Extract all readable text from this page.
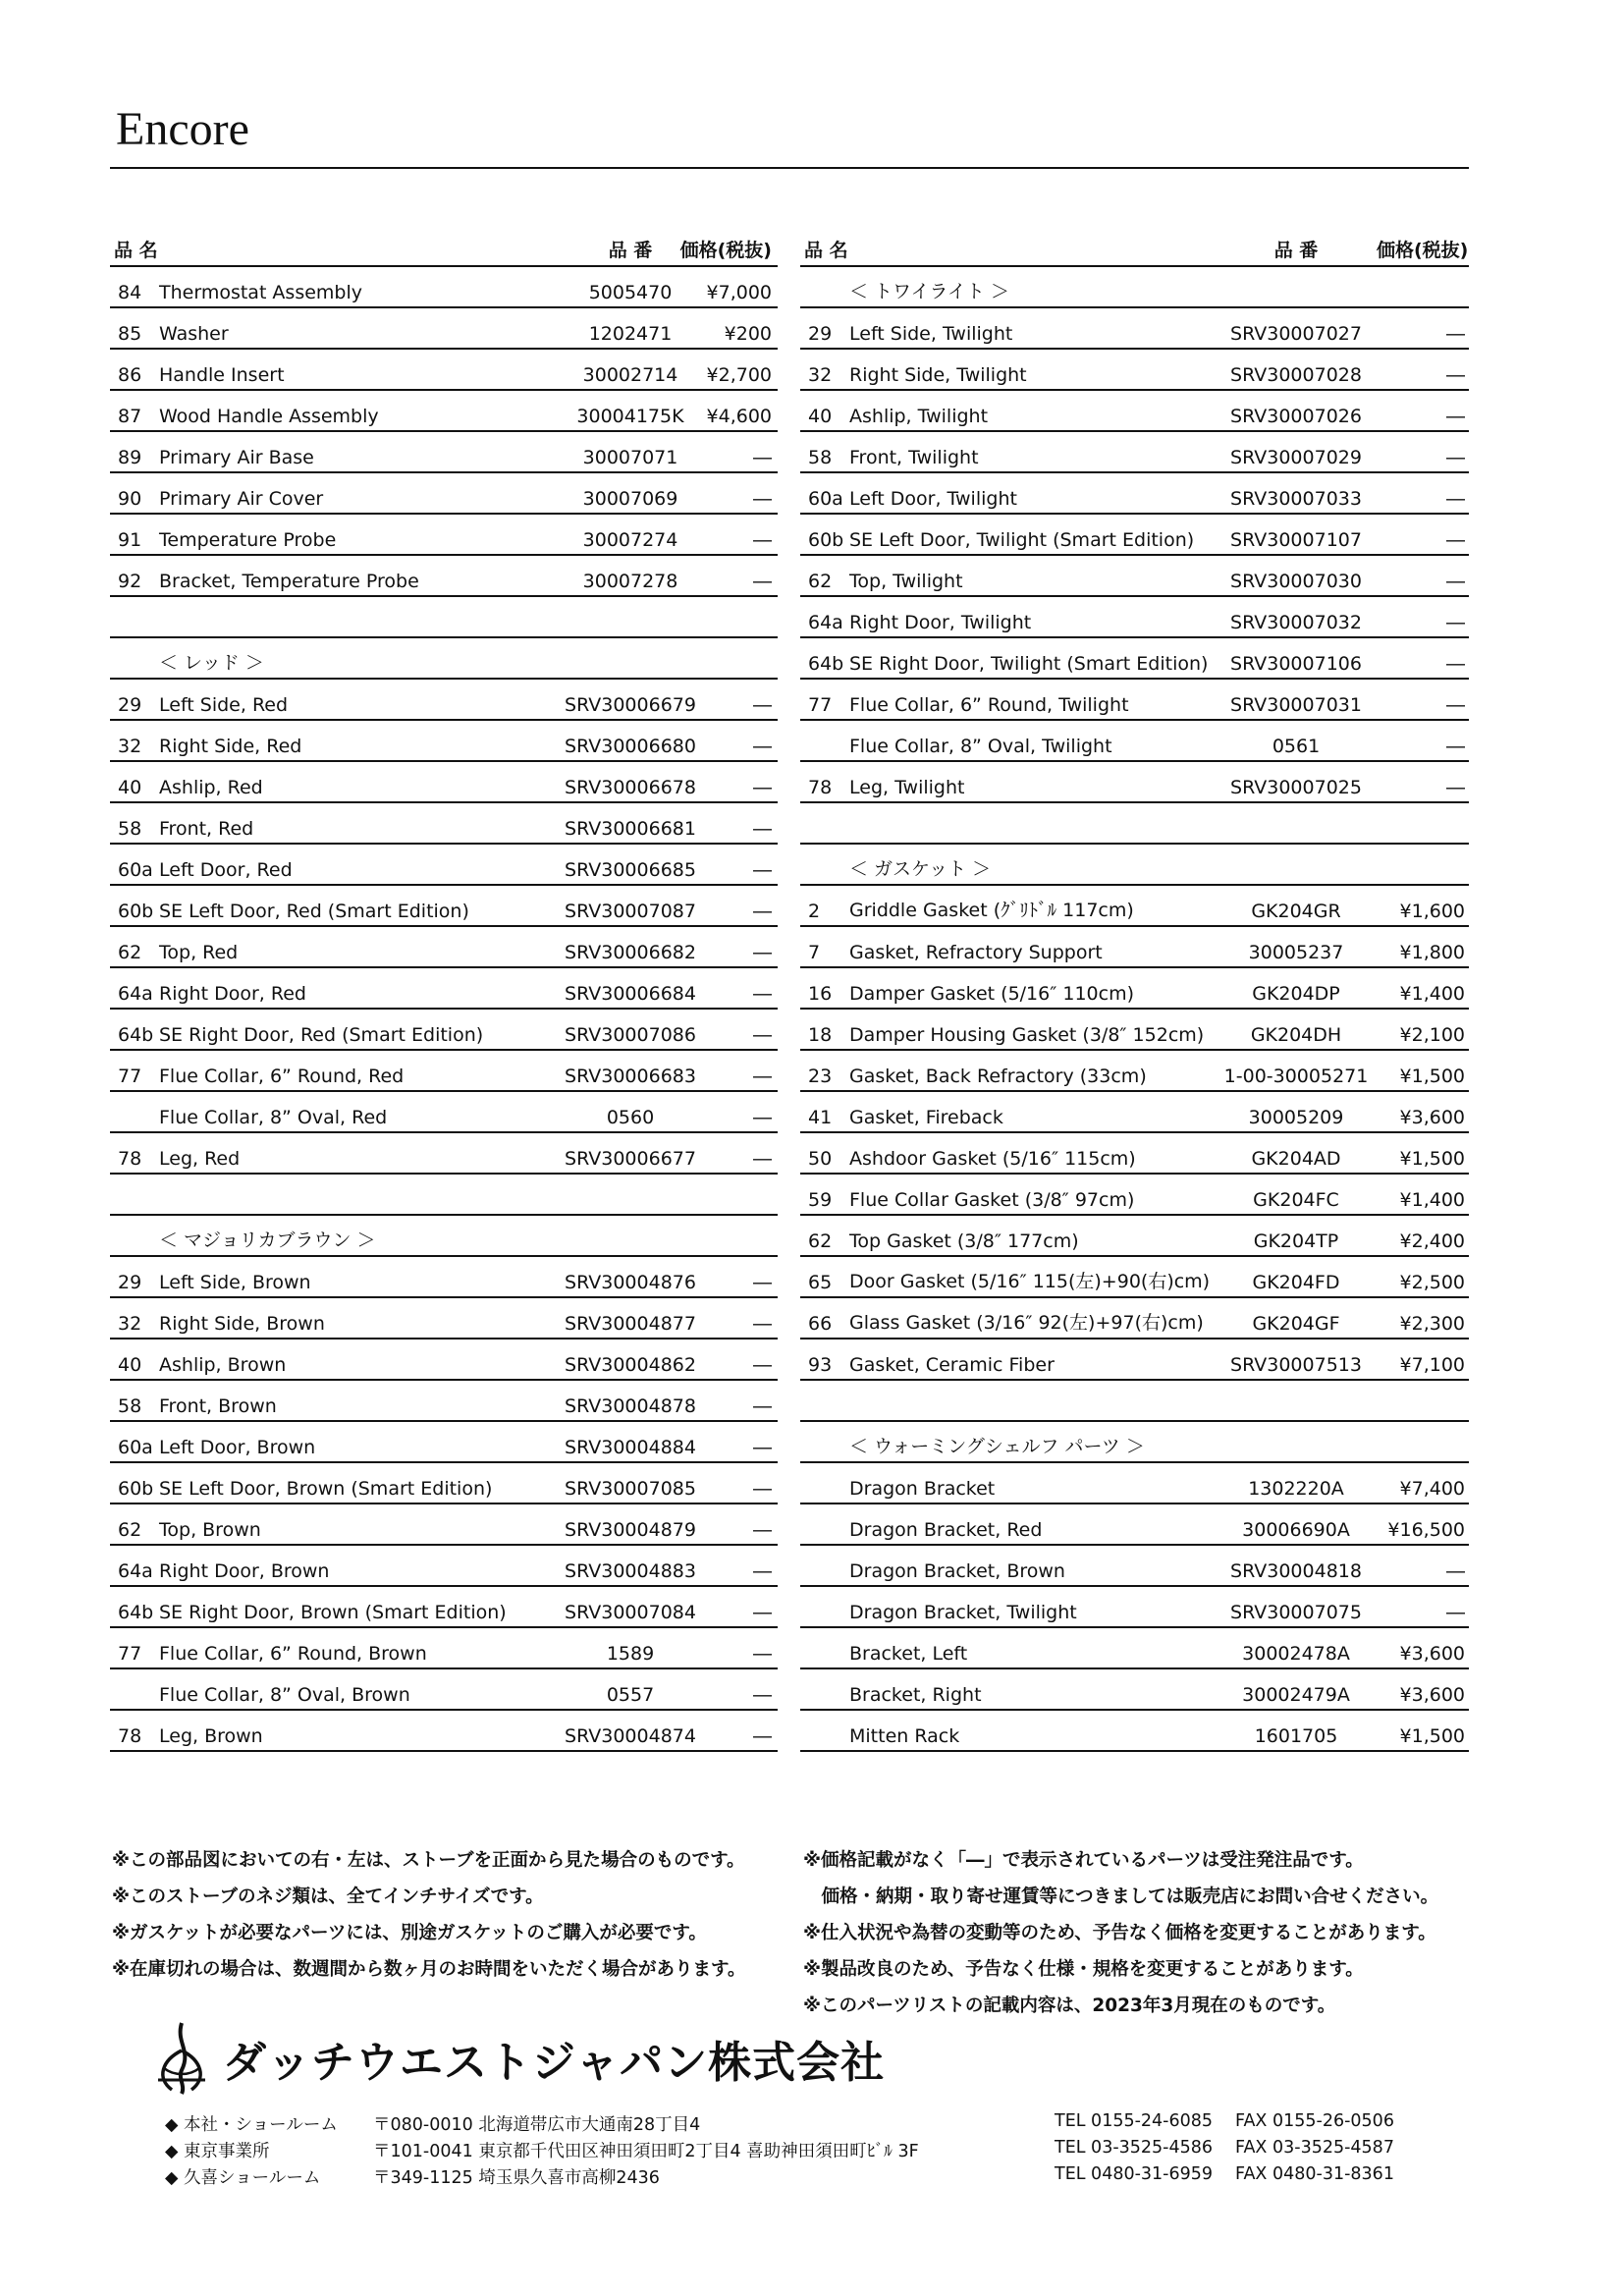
Encore
品 名	品 番	価格(税抜)
84 Thermostat Assembly	5005470	¥7,000
85 Washer	1202471	¥200
86 Handle Insert	30002714	¥2,700
87 Wood Handle Assembly	30004175K	¥4,600
89 Primary Air Base	30007071	―
90 Primary Air Cover	30007069	―
91 Temperature Probe	30007274	―
92 Bracket, Temperature Probe	30007278	―
＜ レッド ＞
29 Left Side, Red	SRV30006679	―
32 Right Side, Red	SRV30006680	―
40 Ashlip, Red	SRV30006678	―
58 Front, Red	SRV30006681	―
60a Left Door, Red	SRV30006685	―
60b SE Left Door, Red (Smart Edition)	SRV30007087	―
62 Top, Red	SRV30006682	―
64a Right Door, Red	SRV30006684	―
64b SE Right Door, Red (Smart Edition)	SRV30007086	―
77 Flue Collar, 6” Round, Red	SRV30006683	―
Flue Collar, 8” Oval, Red	0560	―
78 Leg, Red	SRV30006677	―
＜ マジョリカブラウン ＞
29 Left Side, Brown	SRV30004876	―
32 Right Side, Brown	SRV30004877	―
40 Ashlip, Brown	SRV30004862	―
58 Front, Brown	SRV30004878	―
60a Left Door, Brown	SRV30004884	―
60b SE Left Door, Brown (Smart Edition)	SRV30007085	―
62 Top, Brown	SRV30004879	―
64a Right Door, Brown	SRV30004883	―
64b SE Right Door, Brown (Smart Edition)	SRV30007084	―
77 Flue Collar, 6” Round, Brown	1589	―
Flue Collar, 8” Oval, Brown	0557	―
78 Leg, Brown	SRV30004874	―
品 名	品 番	価格(税抜)
＜ トワイライト ＞
29 Left Side, Twilight	SRV30007027	―
32 Right Side, Twilight	SRV30007028	―
40 Ashlip, Twilight	SRV30007026	―
58 Front, Twilight	SRV30007029	―
60a Left Door, Twilight	SRV30007033	―
60b SE Left Door, Twilight (Smart Edition)	SRV30007107	―
62 Top, Twilight	SRV30007030	―
64a Right Door, Twilight	SRV30007032	―
64b SE Right Door, Twilight (Smart Edition)	SRV30007106	―
77 Flue Collar, 6” Round, Twilight	SRV30007031	―
Flue Collar, 8” Oval, Twilight	0561	―
78 Leg, Twilight	SRV30007025	―
＜ ガスケット ＞
2 Griddle Gasket (ｸﾞﾘﾄﾞﾙ 117cm)	GK204GR	¥1,600
7 Gasket, Refractory Support	30005237	¥1,800
16 Damper Gasket (5/16″ 110cm)	GK204DP	¥1,400
18 Damper Housing Gasket (3/8″ 152cm)	GK204DH	¥2,100
23 Gasket, Back Refractory (33cm)	1-00-30005271	¥1,500
41 Gasket, Fireback	30005209	¥3,600
50 Ashdoor Gasket (5/16″ 115cm)	GK204AD	¥1,500
59 Flue Collar Gasket (3/8″ 97cm)	GK204FC	¥1,400
62 Top Gasket (3/8″ 177cm)	GK204TP	¥2,400
65 Door Gasket (5/16″ 115(左)+90(右)cm)	GK204FD	¥2,500
66 Glass Gasket (3/16″ 92(左)+97(右)cm)	GK204GF	¥2,300
93 Gasket, Ceramic Fiber	SRV30007513	¥7,100
＜ ウォーミングシェルフ パーツ ＞
Dragon Bracket	1302220A	¥7,400
Dragon Bracket, Red	30006690A	¥16,500
Dragon Bracket, Brown	SRV30004818	―
Dragon Bracket, Twilight	SRV30007075	―
Bracket, Left	30002478A	¥3,600
Bracket, Right	30002479A	¥3,600
Mitten Rack	1601705	¥1,500
※この部品図においての右・左は、ストーブを正面から見た場合のものです。
※このストーブのネジ類は、全てインチサイズです。
※ガスケットが必要なパーツには、別途ガスケットのご購入が必要です。
※在庫切れの場合は、数週間から数ヶ月のお時間をいただく場合があります。
※価格記載がなく「―」で表示されているパーツは受注発注品です。
　価格・納期・取り寄せ運賃等につきましては販売店にお問い合せください。
※仕入状況や為替の変動等のため、予告なく価格を変更することがあります。
※製品改良のため、予告なく仕様・規格を変更することがあります。
※このパーツリストの記載内容は、2023年3月現在のものです。
ダッチウエストジャパン株式会社
◆ 本社・ショールーム 〒080-0010 北海道帯広市大通南28丁目4	TEL 0155-24-6085 FAX 0155-26-0506
◆ 東京事業所	〒101-0041 東京都千代田区神田須田町2丁目4 喜助神田須田町ﾋﾞﾙ 3F	TEL 03-3525-4586 FAX 03-3525-4587
◆ 久喜ショールーム	〒349-1125 埼玉県久喜市高柳2436	TEL 0480-31-6959 FAX 0480-31-8361
